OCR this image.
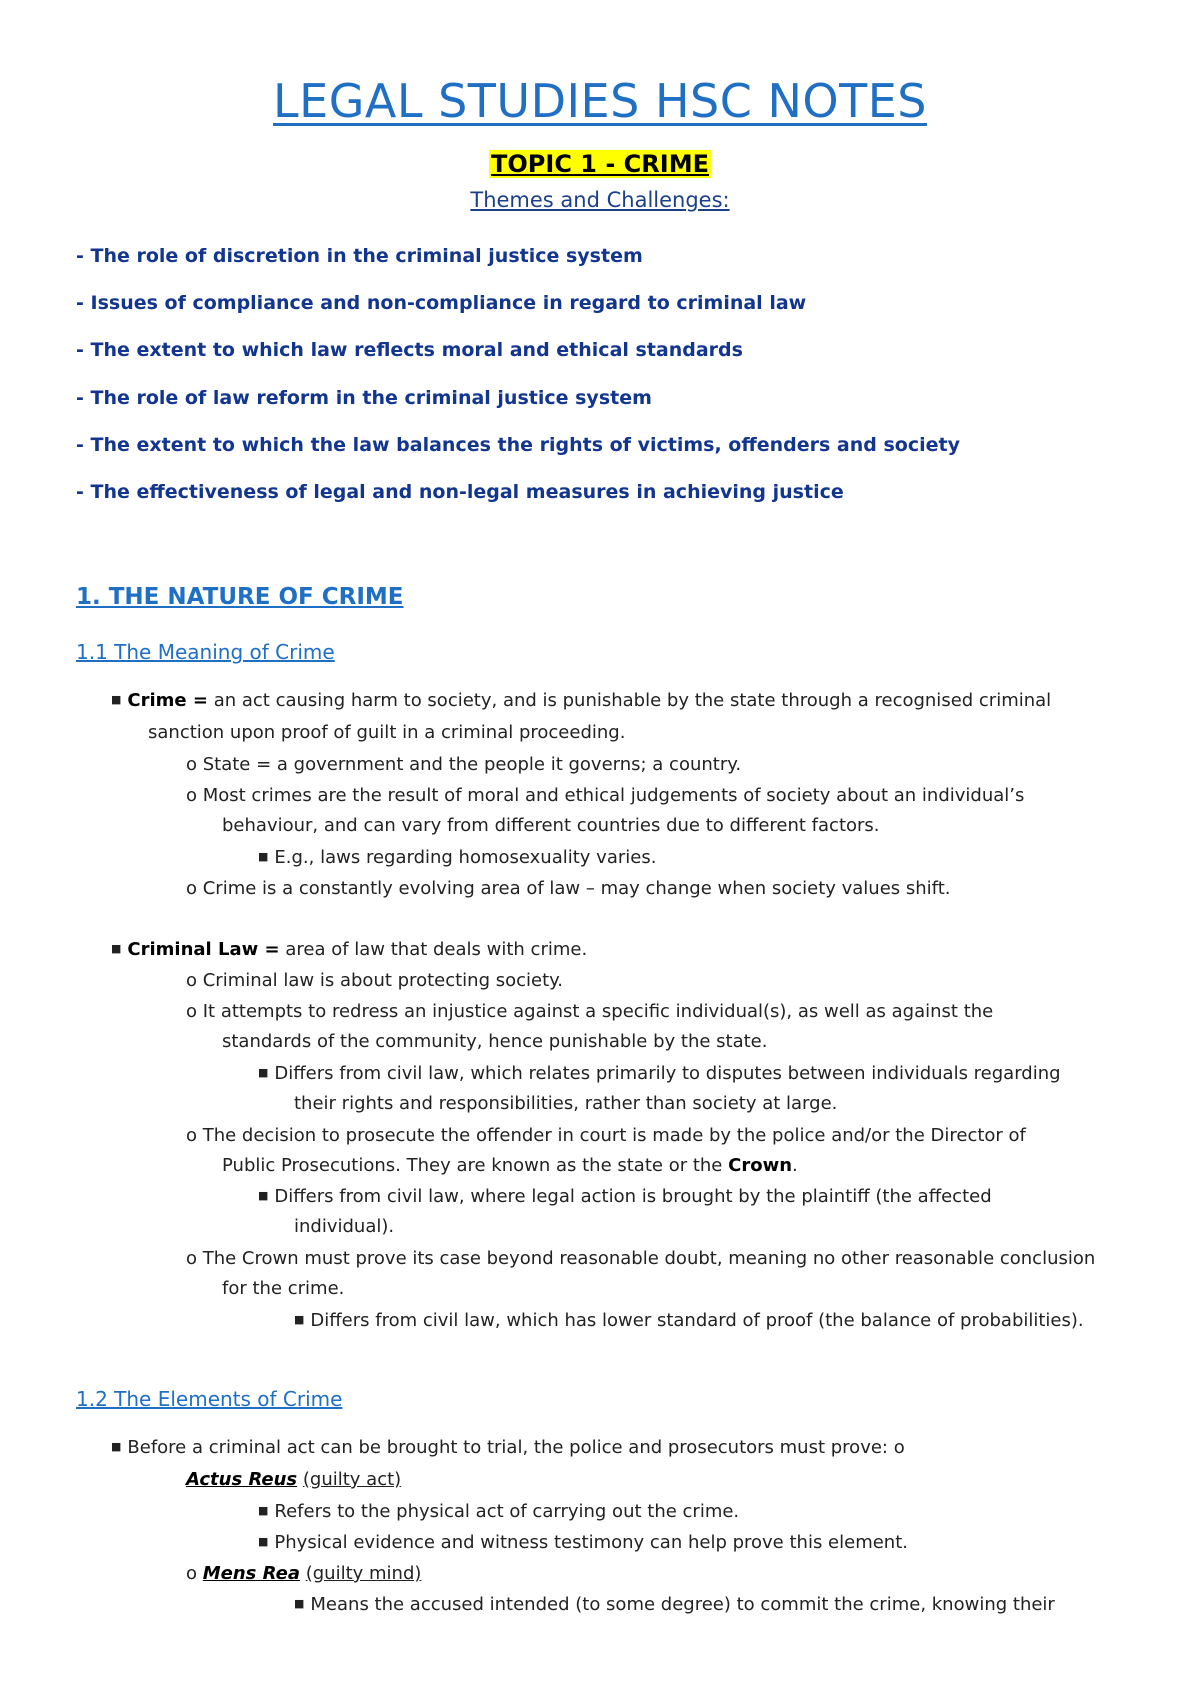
LEGAL STUDIES HSC NOTES
TOPIC 1 - CRIME
Themes and Challenges:
- The role of discretion in the criminal justice system
- Issues of compliance and non-compliance in regard to criminal law
- The extent to which law reflects moral and ethical standards
- The role of law reform in the criminal justice system
- The extent to which the law balances the rights of victims, offenders and society
- The effectiveness of legal and non-legal measures in achieving justice
1. THE NATURE OF CRIME
1.1 The Meaning of Crime
■ Crime = an act causing harm to society, and is punishable by the state through a recognised criminal
sanction upon proof of guilt in a criminal proceeding.
o State = a government and the people it governs; a country.
o Most crimes are the result of moral and ethical judgements of society about an individual’s
behaviour, and can vary from different countries due to different factors.
■ E.g., laws regarding homosexuality varies.
o Crime is a constantly evolving area of law – may change when society values shift.
■ Criminal Law = area of law that deals with crime.
o Criminal law is about protecting society.
o It attempts to redress an injustice against a specific individual(s), as well as against the
standards of the community, hence punishable by the state.
■ Differs from civil law, which relates primarily to disputes between individuals regarding
their rights and responsibilities, rather than society at large.
o The decision to prosecute the offender in court is made by the police and/or the Director of
Public Prosecutions. They are known as the state or the Crown.
■ Differs from civil law, where legal action is brought by the plaintiff (the affected
individual).
o The Crown must prove its case beyond reasonable doubt, meaning no other reasonable conclusion
for the crime.
■ Differs from civil law, which has lower standard of proof (the balance of probabilities).
1.2 The Elements of Crime
■ Before a criminal act can be brought to trial, the police and prosecutors must prove: o
Actus Reus (guilty act)
■ Refers to the physical act of carrying out the crime.
■ Physical evidence and witness testimony can help prove this element.
o Mens Rea (guilty mind)
■ Means the accused intended (to some degree) to commit the crime, knowing their
